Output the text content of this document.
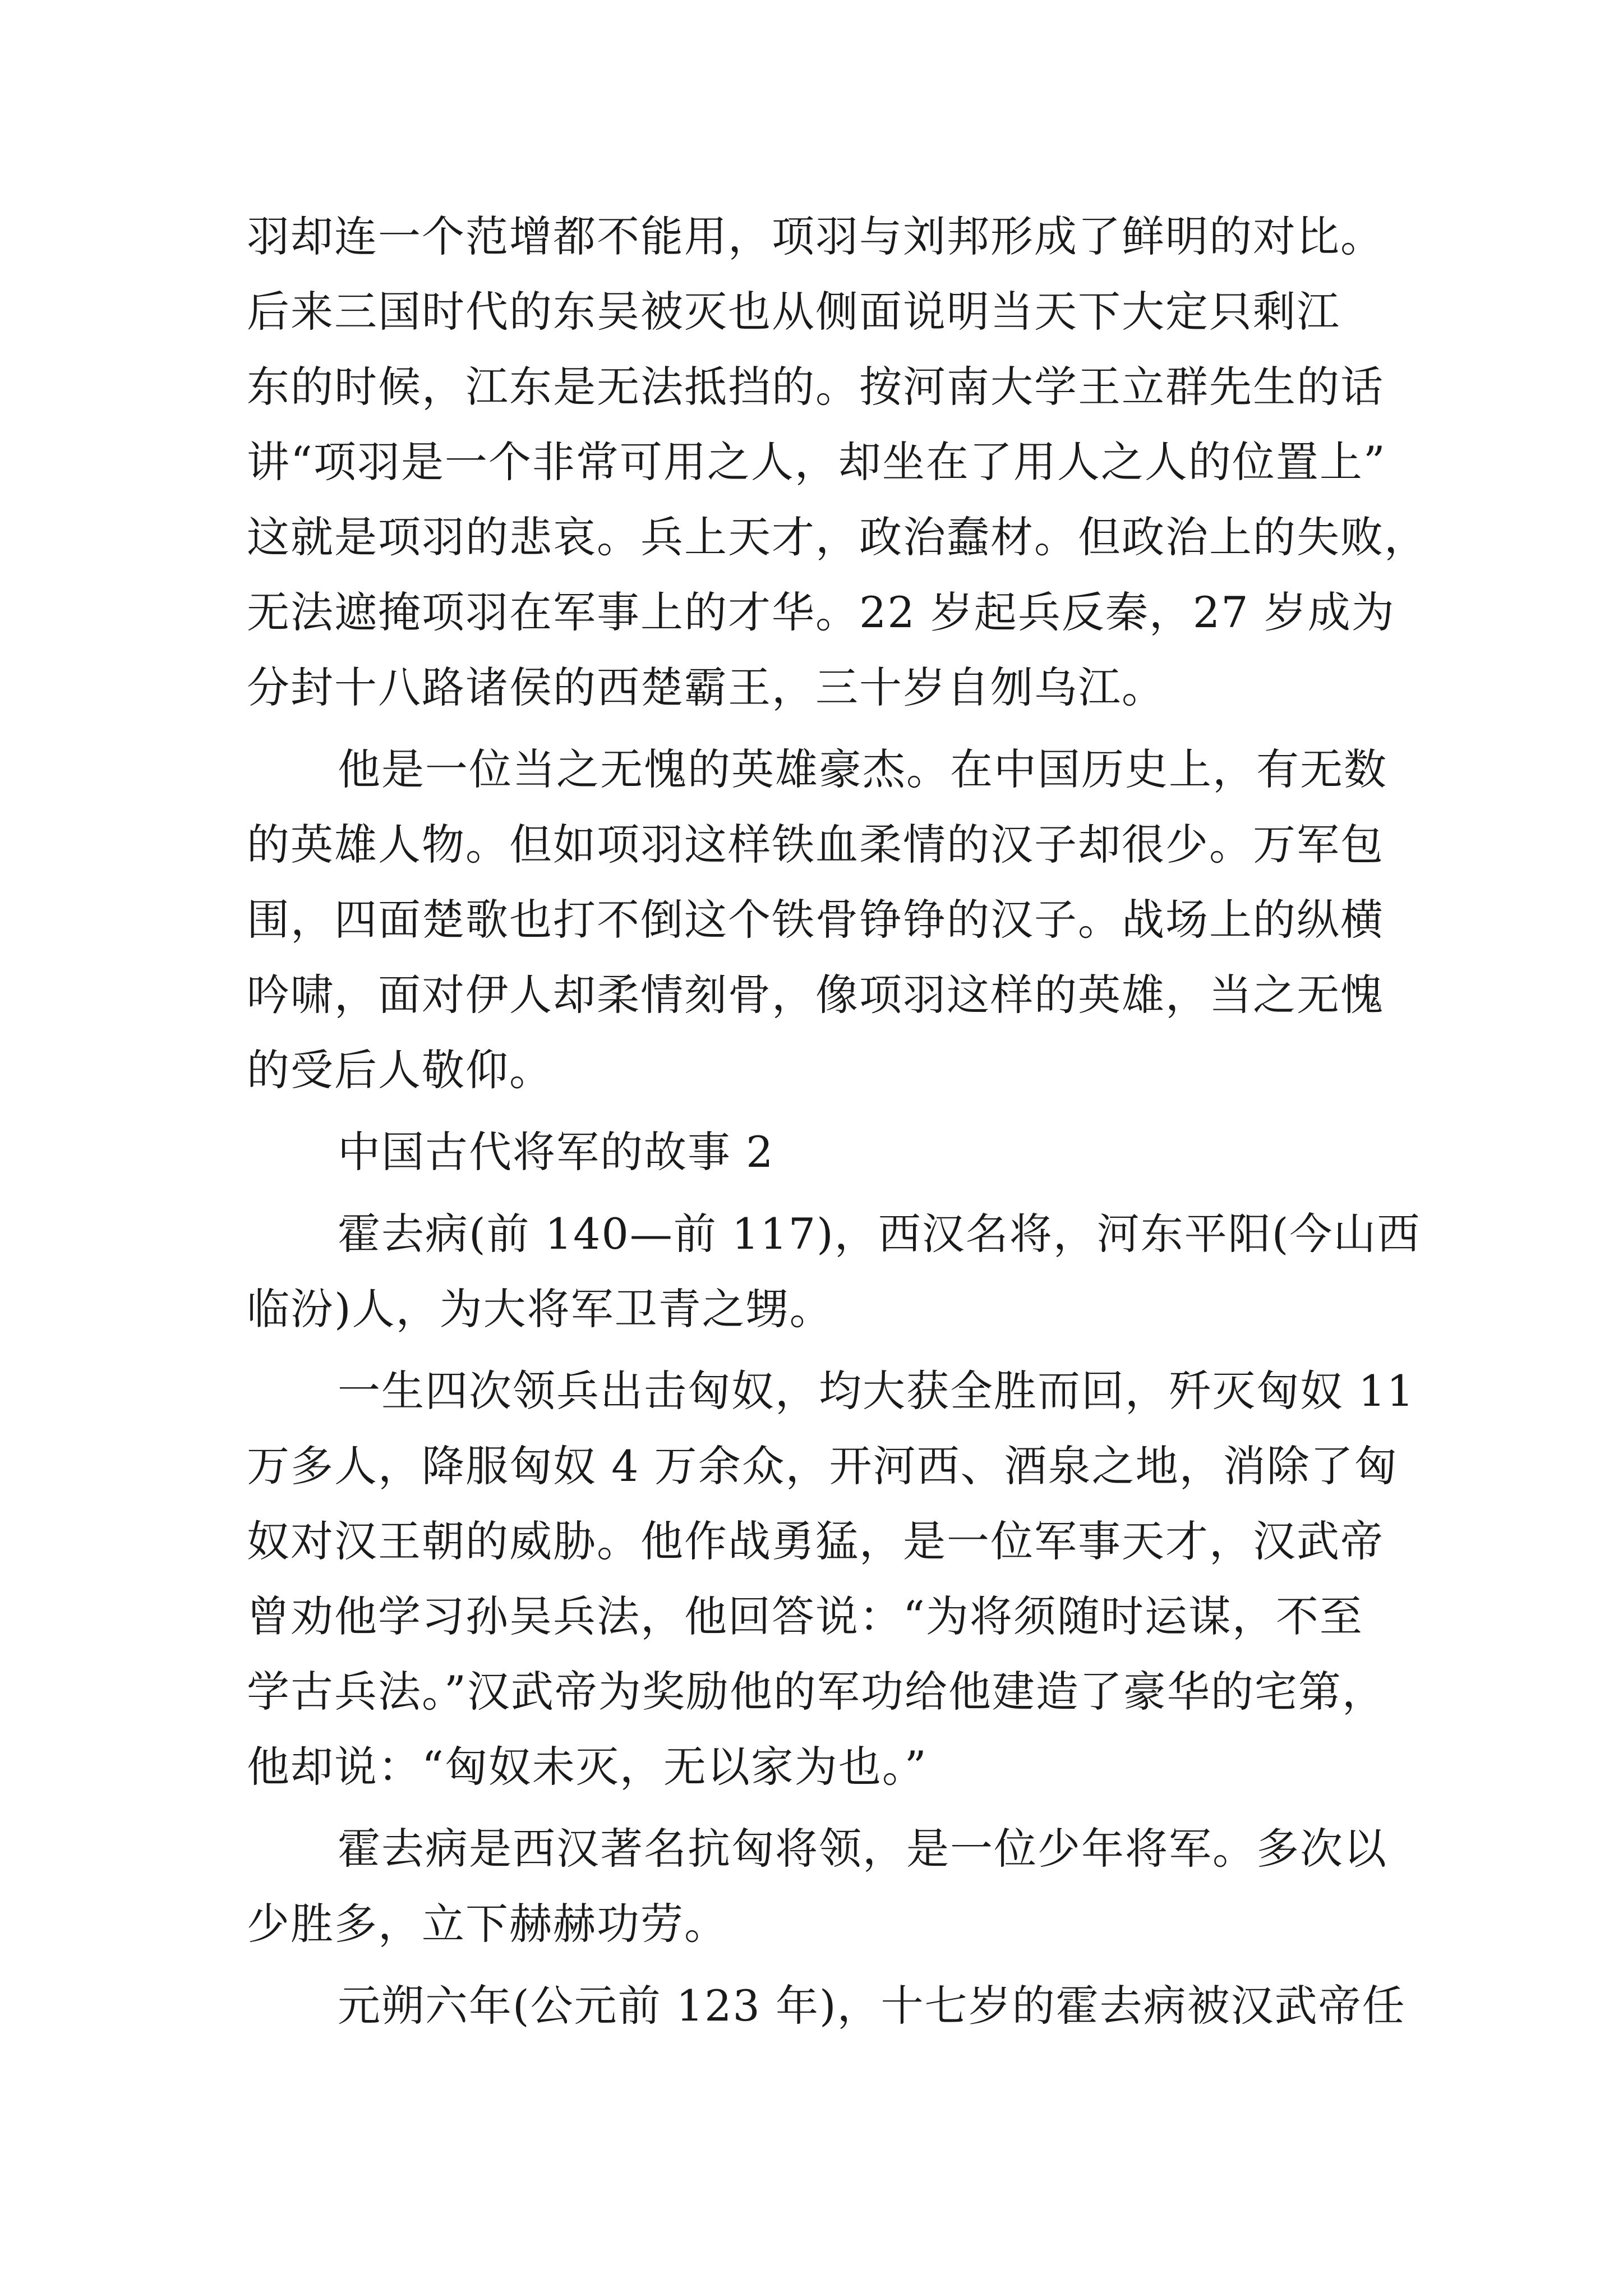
羽却连一个范增都不能用，项羽与刘邦形成了鲜明的对比。
后来三国时代的东吴被灭也从侧面说明当天下大定只剩江
东的时候，江东是无法抵挡的。按河南大学王立群先生的话
讲“项羽是一个非常可用之人，却坐在了用人之人的位置上”
这就是项羽的悲哀。兵上天才，政治蠢材。但政治上的失败，
无法遮掩项羽在军事上的才华。22 岁起兵反秦，27 岁成为
分封十八路诸侯的西楚霸王，三十岁自刎乌江。
他是一位当之无愧的英雄豪杰。在中国历史上，有无数
的英雄人物。但如项羽这样铁血柔情的汉子却很少。万军包
围，四面楚歌也打不倒这个铁骨铮铮的汉子。战场上的纵横
吟啸，面对伊人却柔情刻骨，像项羽这样的英雄，当之无愧
的受后人敬仰。
中国古代将军的故事 2
霍去病(前 140—前 117)，西汉名将，河东平阳(今山西
临汾)人，为大将军卫青之甥。
一生四次领兵出击匈奴，均大获全胜而回，歼灭匈奴 11
万多人，降服匈奴 4 万余众，开河西、酒泉之地，消除了匈
奴对汉王朝的威胁。他作战勇猛，是一位军事天才，汉武帝
曾劝他学习孙吴兵法，他回答说：“为将须随时运谋，不至
学古兵法。”汉武帝为奖励他的军功给他建造了豪华的宅第，
他却说：“匈奴未灭，无以家为也。”
霍去病是西汉著名抗匈将领，是一位少年将军。多次以
少胜多，立下赫赫功劳。
元朔六年(公元前 123 年)，十七岁的霍去病被汉武帝任
